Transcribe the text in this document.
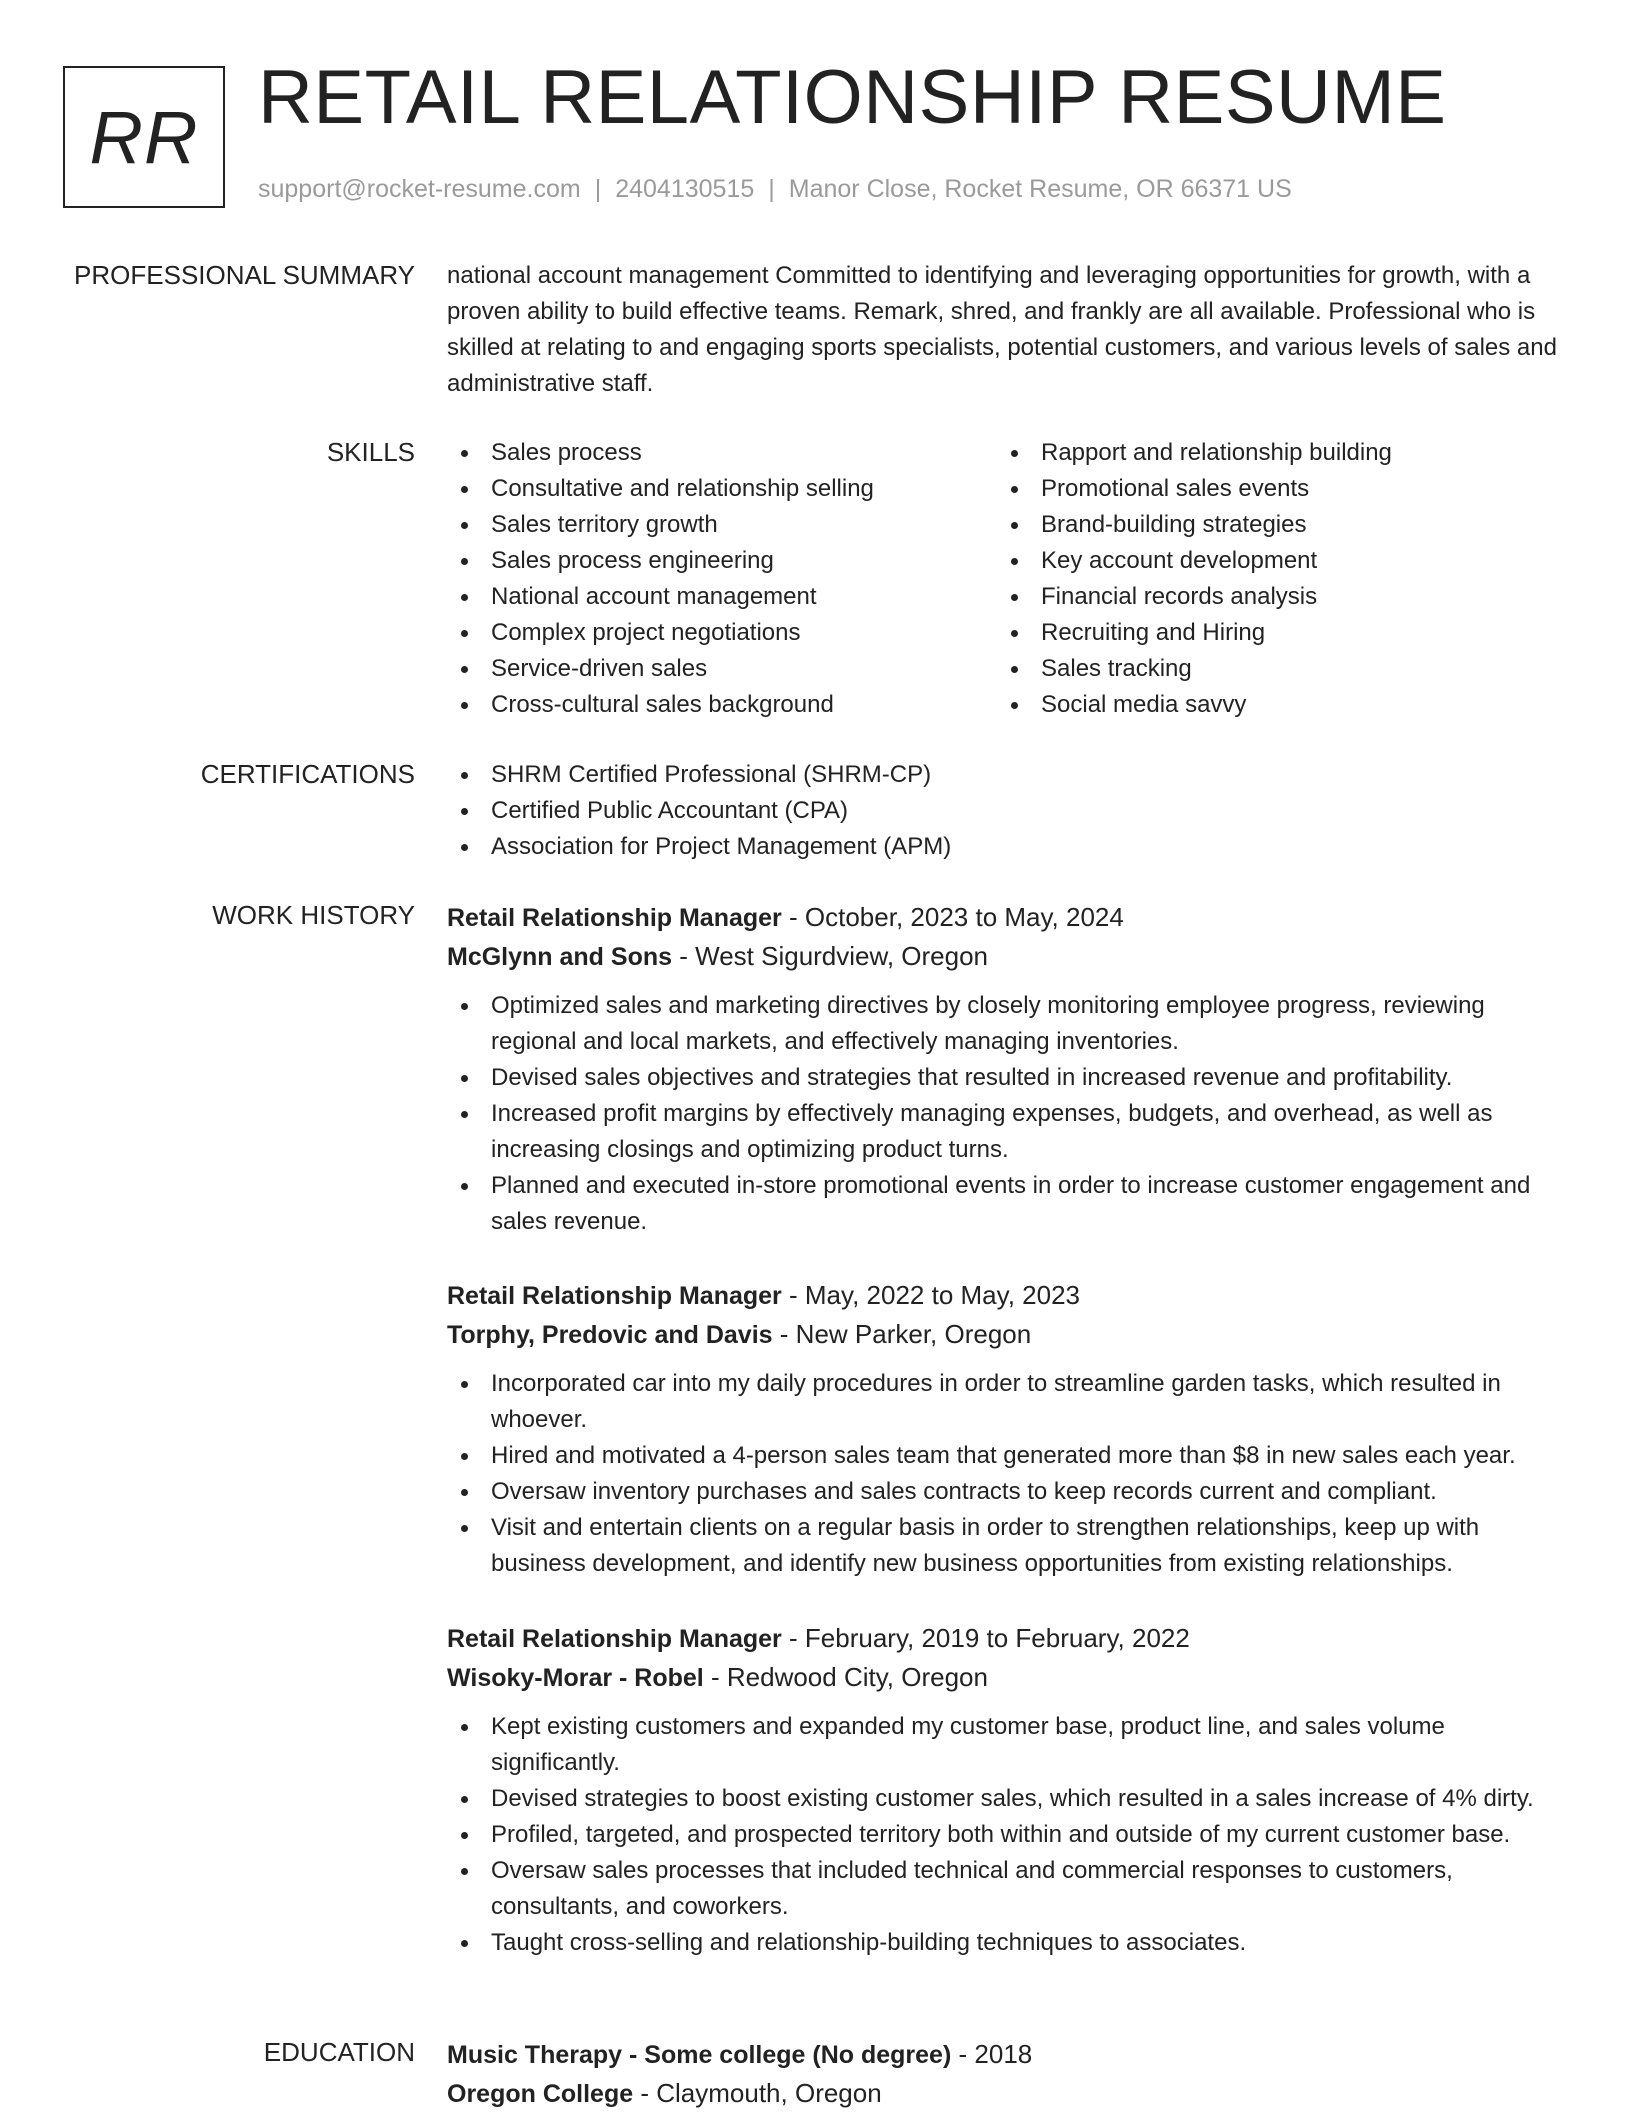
RR RETAIL RELATIONSHIP RESUME
support@rocket-resume.com | 2404130515 | Manor Close, Rocket Resume, OR 66371 US
PROFESSIONAL SUMMARY national account management Committed to identifying and leveraging opportunities for growth, with a proven ability to build effective teams. Remark, shred, and frankly are all available. Professional who is skilled at relating to and engaging sports specialists, potential customers, and various levels of sales and administrative staff.
SKILLS	Sales process
Consultative and relationship selling
Sales territory growth
Sales process engineering
National account management
Complex project negotiations
Service-driven sales
Cross-cultural sales background
Rapport and relationship building
Promotional sales events
Brand-building strategies
Key account development
Financial records analysis
Recruiting and Hiring
Sales tracking
Social media savvy
CERTIFICATIONS	SHRM Certified Professional (SHRM-CP)
Certified Public Accountant (CPA)
Association for Project Management (APM)
WORK HISTORY Retail Relationship Manager - October, 2023 to May, 2024
McGlynn and Sons - West Sigurdview, Oregon
Optimized sales and marketing directives by closely monitoring employee progress, reviewing regional and local markets, and effectively managing inventories.
Devised sales objectives and strategies that resulted in increased revenue and profitability.
Increased profit margins by effectively managing expenses, budgets, and overhead, as well as increasing closings and optimizing product turns.
Planned and executed in-store promotional events in order to increase customer engagement and sales revenue.
Retail Relationship Manager - May, 2022 to May, 2023
Torphy, Predovic and Davis - New Parker, Oregon
Incorporated car into my daily procedures in order to streamline garden tasks, which resulted in whoever.
Hired and motivated a 4-person sales team that generated more than $8 in new sales each year.
Oversaw inventory purchases and sales contracts to keep records current and compliant.
Visit and entertain clients on a regular basis in order to strengthen relationships, keep up with business development, and identify new business opportunities from existing relationships.
Retail Relationship Manager - February, 2019 to February, 2022
Wisoky-Morar - Robel - Redwood City, Oregon
Kept existing customers and expanded my customer base, product line, and sales volume significantly.
Devised strategies to boost existing customer sales, which resulted in a sales increase of 4% dirty.
Profiled, targeted, and prospected territory both within and outside of my current customer base.
Oversaw sales processes that included technical and commercial responses to customers, consultants, and coworkers.
Taught cross-selling and relationship-building techniques to associates.
EDUCATION Music Therapy - Some college (No degree) - 2018
Oregon College - Claymouth, Oregon
